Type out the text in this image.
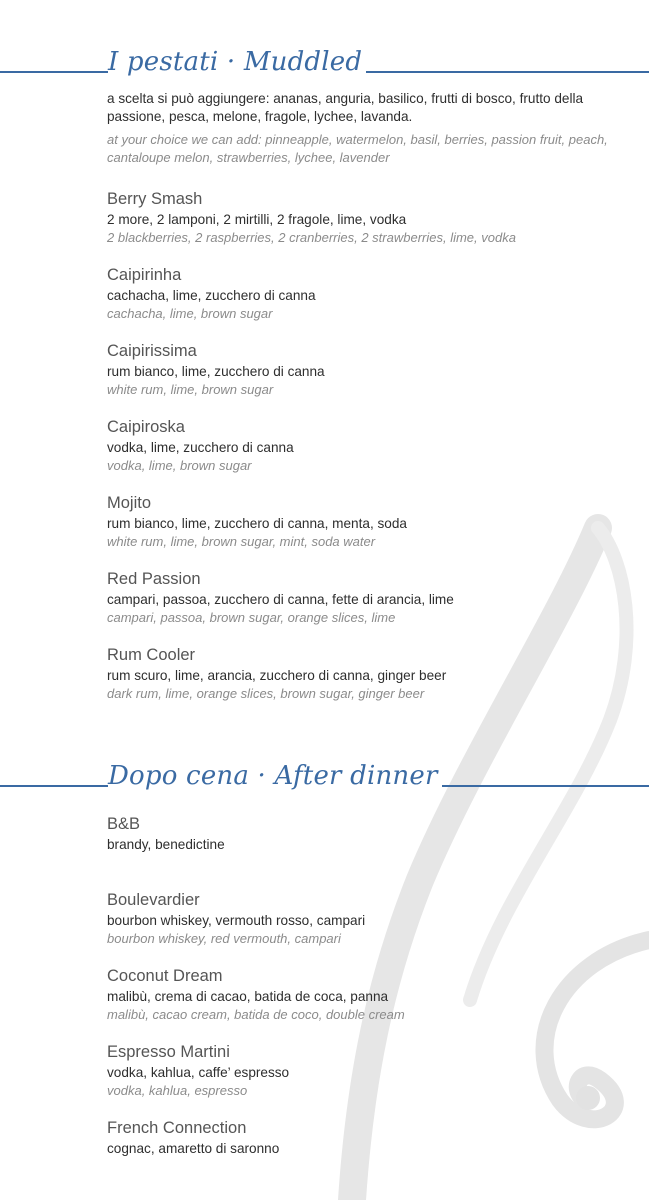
I pestati · Muddled

a scelta si può aggiungere: ananas, anguria, basilico, frutti di bosco, frutto della passione, pesca, melone, fragole, lychee, lavanda.

at your choice we can add: pinneapple, watermelon, basil, berries, passion fruit, peach, cantaloupe melon, strawberries, lychee, lavender

Berry Smash
2 more, 2 lamponi, 2 mirtilli, 2 fragole, lime, vodka
2 blackberries, 2 raspberries, 2 cranberries, 2 strawberries, lime, vodka
Caipirinha
cachacha, lime, zucchero di canna
cachacha, lime, brown sugar
Caipirissima
rum bianco, lime, zucchero di canna
white rum, lime, brown sugar
Caipiroska
vodka, lime, zucchero di canna
vodka, lime, brown sugar
Mojito
rum bianco, lime, zucchero di canna, menta, soda
white rum, lime, brown sugar, mint, soda water
Red Passion
campari, passoa, zucchero di canna, fette di arancia, lime
campari, passoa, brown sugar, orange slices, lime
Rum Cooler
rum scuro, lime, arancia, zucchero di canna, ginger beer
dark rum, lime, orange slices, brown sugar, ginger beer
Dopo cena · After dinner
B&B
brandy, benedictine
Boulevardier
bourbon whiskey, vermouth rosso, campari
bourbon whiskey, red vermouth, campari
Coconut Dream
malibù, crema di cacao, batida de coca, panna
malibù, cacao cream, batida de coco, double cream
Espresso Martini
vodka, kahlua, caffe’ espresso
vodka, kahlua, espresso
French Connection
cognac, amaretto di saronno
